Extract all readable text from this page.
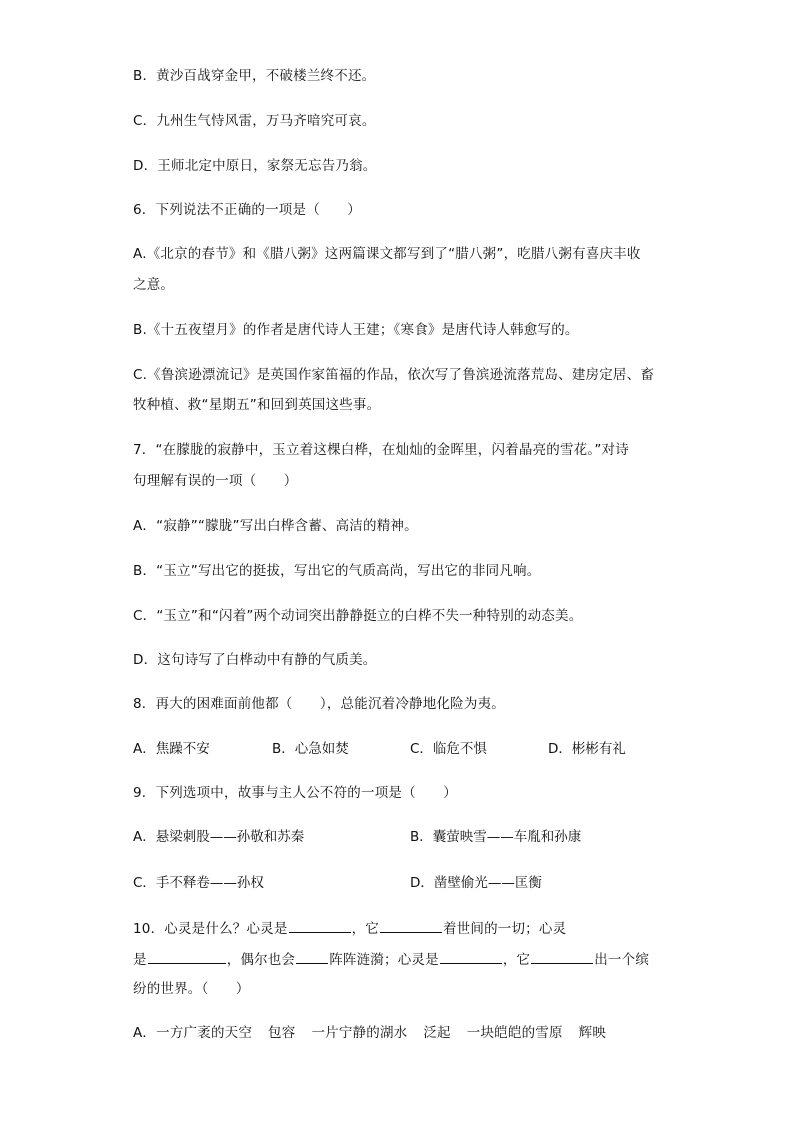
B．黄沙百战穿金甲，不破楼兰终不还。
C．九州生气恃风雷，万马齐喑究可哀。
D．王师北定中原日，家祭无忘告乃翁。
6．下列说法不正确的一项是（　　）
A.《北京的春节》和《腊八粥》这两篇课文都写到了“腊八粥”，吃腊八粥有喜庆丰收
之意。
B.《十五夜望月》的作者是唐代诗人王建；《寒食》是唐代诗人韩愈写的。
C.《鲁滨逊漂流记》是英国作家笛福的作品，依次写了鲁滨逊流落荒岛、建房定居、畜
牧种植、救“星期五”和回到英国这些事。
7．“在朦胧的寂静中，玉立着这棵白桦，在灿灿的金晖里，闪着晶亮的雪花。”对诗
句理解有误的一项（　　）
A．“寂静”“朦胧”写出白桦含蓄、高洁的精神。
B．“玉立”写出它的挺拔，写出它的气质高尚，写出它的非同凡响。
C．“玉立”和“闪着”两个动词突出静静挺立的白桦不失一种特别的动态美。
D．这句诗写了白桦动中有静的气质美。
8．再大的困难面前他都（　　），总能沉着冷静地化险为夷。
A．焦躁不安	B．心急如焚	C．临危不惧	D．彬彬有礼
9．下列选项中，故事与主人公不符的一项是（　　）
A．悬梁刺股——孙敬和苏秦	B．囊萤映雪——车胤和孙康
C．手不释卷——孙权	D．凿壁偷光——匡衡
10．心灵是什么？心灵是	，它	着世间的一切；心灵
是	，偶尔也会	阵阵涟漪；心灵是	，它	出一个缤
纷的世界。（　　）
A．一方广袤的天空 包容 一片宁静的湖水 泛起 一块皑皑的雪原 辉映
